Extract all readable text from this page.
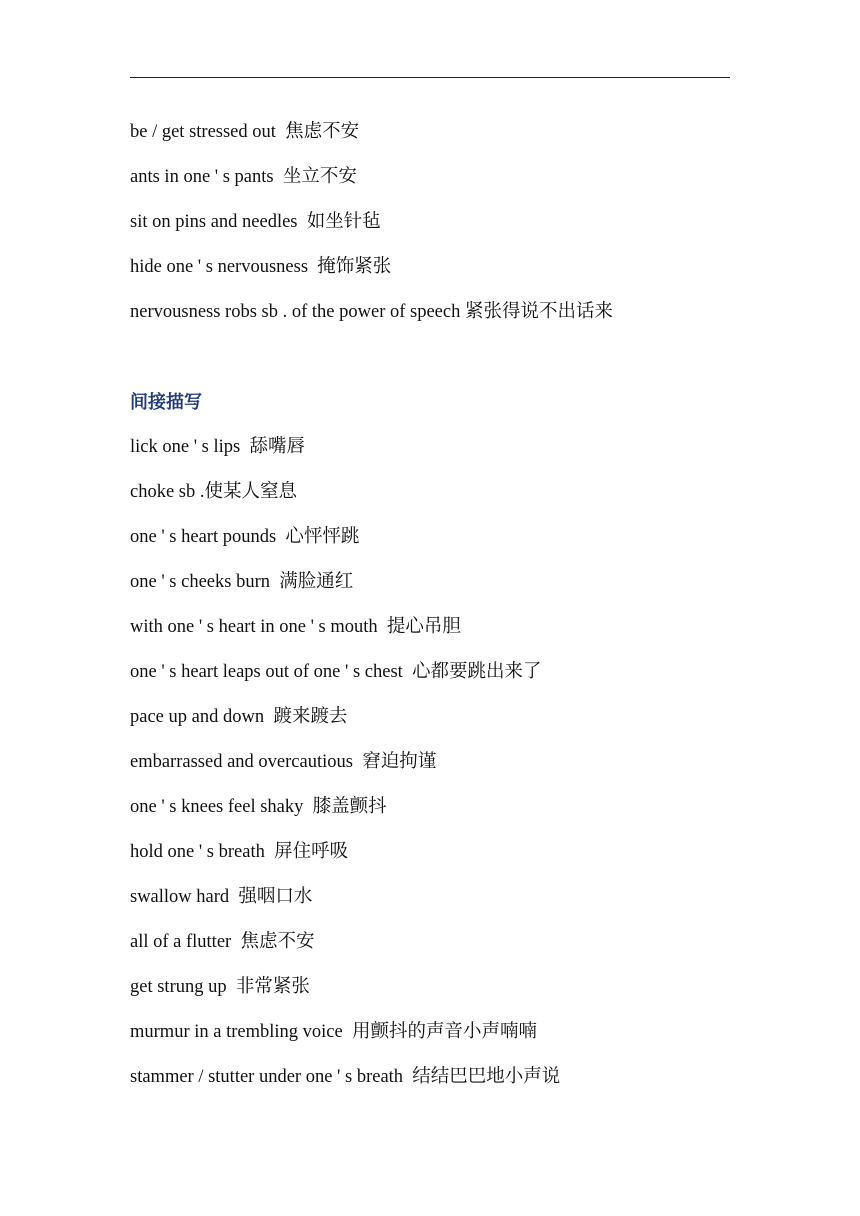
be / get stressed out  焦虑不安

ants in one ' s pants  坐立不安

sit on pins and needles  如坐针毡

hide one ' s nervousness  掩饰紧张

nervousness robs sb . of the power of speech 紧张得说不出话来

间接描写

lick one ' s lips  舔嘴唇

choke sb .使某人窒息

one ' s heart pounds  心怦怦跳

one ' s cheeks burn  满脸通红

with one ' s heart in one ' s mouth  提心吊胆

one ' s heart leaps out of one ' s chest  心都要跳出来了

pace up and down  踱来踱去

embarrassed and overcautious  窘迫拘谨

one ' s knees feel shaky  膝盖颤抖

hold one ' s breath  屏住呼吸

swallow hard  强咽口水

all of a flutter  焦虑不安

get strung up  非常紧张

murmur in a trembling voice  用颤抖的声音小声喃喃

stammer / stutter under one ' s breath  结结巴巴地小声说
